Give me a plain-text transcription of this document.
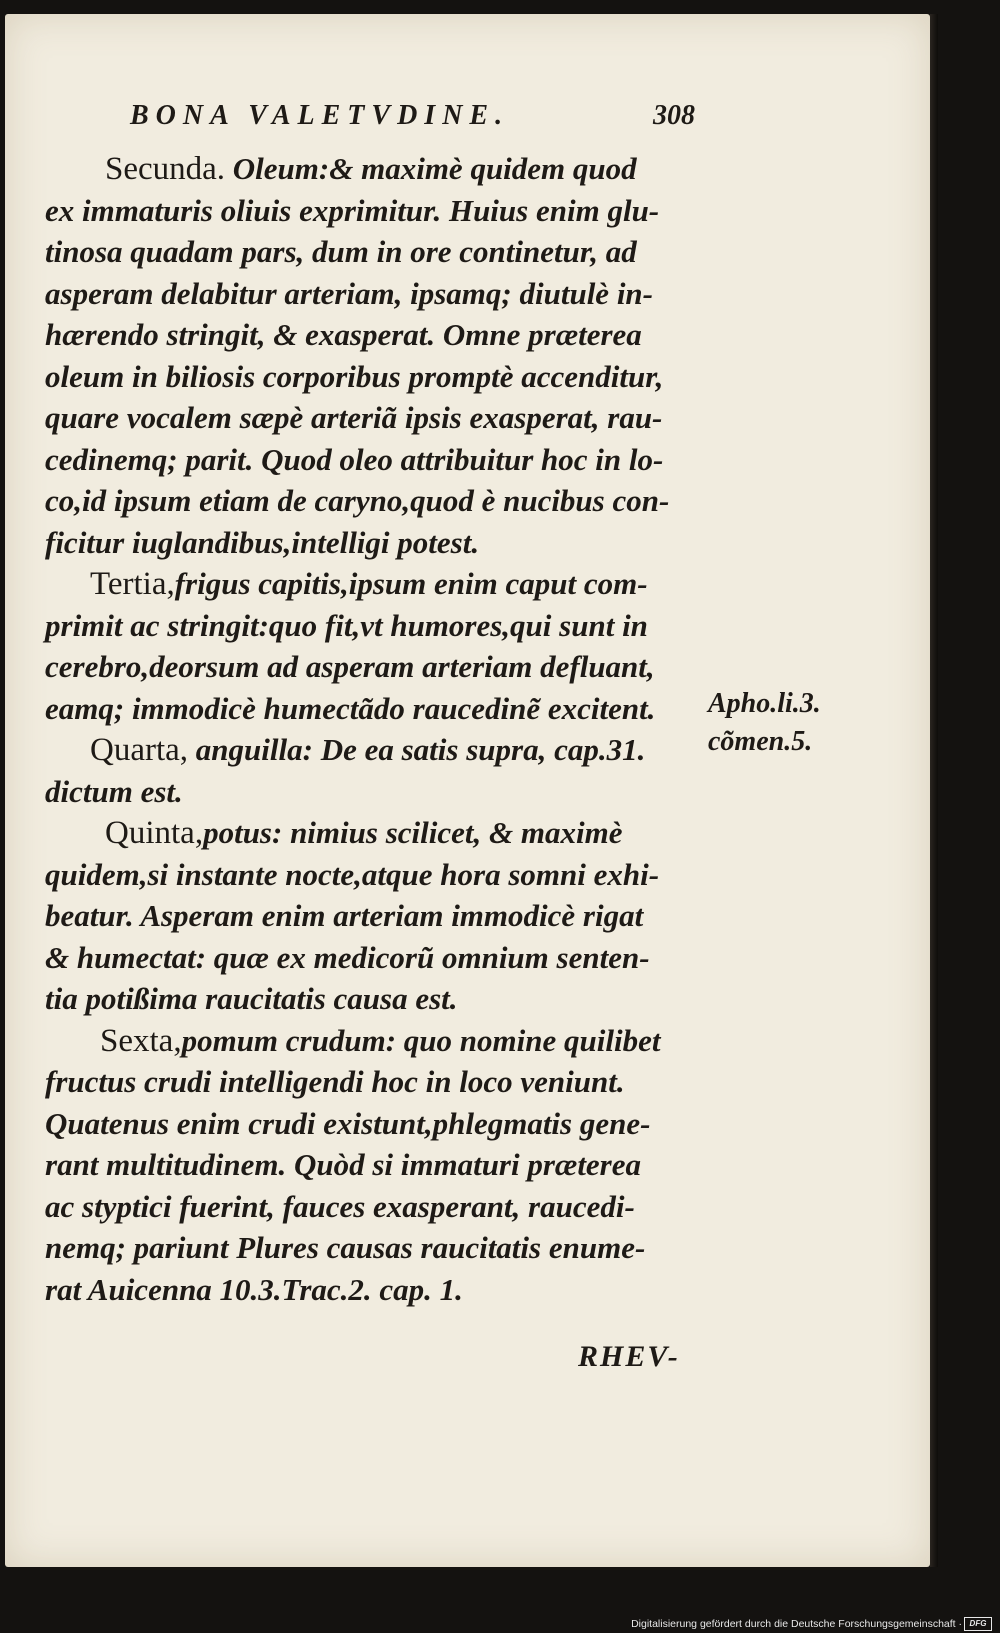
BONA VALETVDINE.	308
Secunda. Oleum:& maximè quidem quod
ex immaturis oliuis exprimitur. Huius enim glu-
tinosa quadam pars, dum in ore continetur, ad
asperam delabitur arteriam, ipsamq; diutulè in-
hærendo stringit, & exasperat. Omne præterea
oleum in biliosis corporibus promptè accenditur,
quare vocalem sæpè arteriã ipsis exasperat, rau-
cedinemq; parit. Quod oleo attribuitur hoc in lo-
co,id ipsum etiam de caryno,quod è nucibus con-
ficitur iuglandibus,intelligi potest.
Tertia,frigus capitis,ipsum enim caput com-
primit ac stringit:quo fit,vt humores,qui sunt in
cerebro,deorsum ad asperam arteriam defluant,
eamq; immodicè humectãdo raucedinẽ excitent.
Quarta, anguilla: De ea satis supra, cap.31.
dictum est.
Quinta,potus: nimius scilicet, & maximè
quidem,si instante nocte,atque hora somni exhi-
beatur. Asperam enim arteriam immodicè rigat
& humectat: quæ ex medicorũ omnium senten-
tia potißima raucitatis causa est.
Sexta,pomum crudum: quo nomine quilibet
fructus crudi intelligendi hoc in loco veniunt.
Quatenus enim crudi existunt,phlegmatis gene-
rant multitudinem. Quòd si immaturi præterea
ac styptici fuerint, fauces exasperant, raucedi-
nemq; pariunt Plures causas raucitatis enume-
rat Auicenna 10.3.Trac.2. cap. 1.
Apho.li.3.
cõmen.5.
RHEV-
Digitalisierung gefördert durch die Deutsche Forschungsgemeinschaft · DFG
